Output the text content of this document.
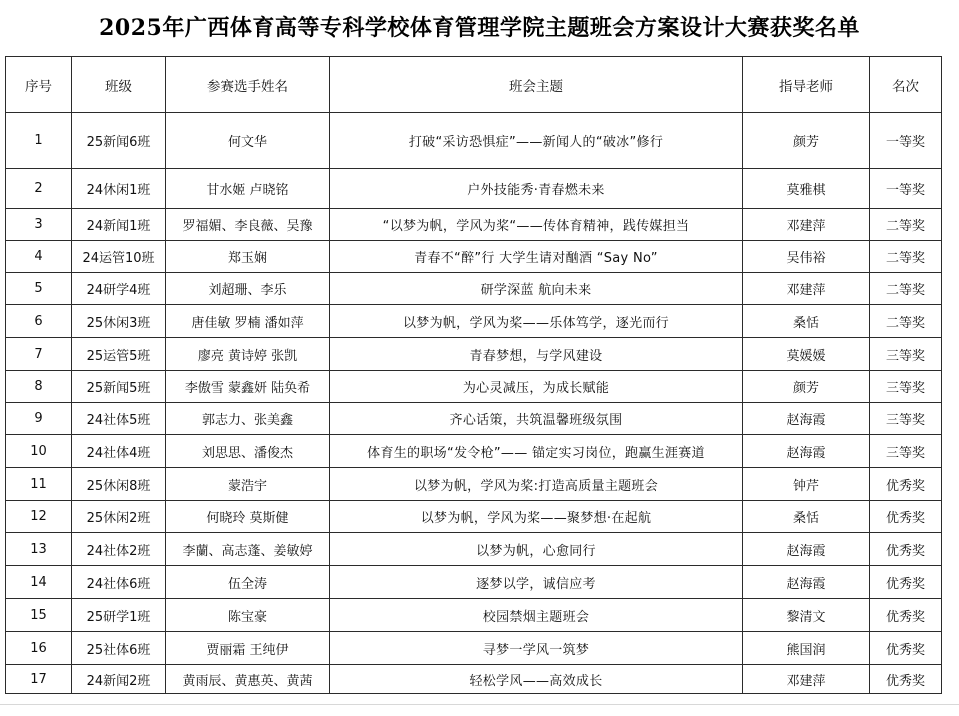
2025年广西体育高等专科学校体育管理学院主题班会方案设计大赛获奖名单
序号	班级	参赛选手姓名	班会主题	指导老师	名次
1	25新闻6班	何文华	打破“采访恐惧症”——新闻人的“破冰”修行	颜芳	一等奖
2	24休闲1班	甘水姬 卢晓铭	户外技能秀·青春燃未来	莫雅棋	一等奖
3	24新闻1班	罗福媚、李良薇、吴豫	“以梦为帆，学风为桨“——传体育精神，践传媒担当	邓建萍	二等奖
4	24运管10班	郑玉娴	青春不“醉”行 大学生请对酗酒 “Say No”	吴伟裕	二等奖
5	24研学4班	刘超珊、李乐	研学深蓝 航向未来	邓建萍	二等奖
6	25休闲3班	唐佳敏 罗楠 潘如萍	以梦为帆，学风为桨——乐体笃学，逐光而行	桑恬	二等奖
7	25运管5班	廖亮 黄诗婷 张凯	青春梦想，与学风建设	莫媛媛	三等奖
8	25新闻5班	李傲雪 蒙鑫妍 陆奂希	为心灵减压，为成长赋能	颜芳	三等奖
9	24社体5班	郭志力、张美鑫	齐心话策，共筑温馨班级氛围	赵海霞	三等奖
10	24社体4班	刘思思、潘俊杰	体育生的职场“发令枪”—— 锚定实习岗位，跑赢生涯赛道	赵海霞	三等奖
11	25休闲8班	蒙浩宇	以梦为帆，学风为桨:打造高质量主题班会	钟芹	优秀奖
12	25休闲2班	何晓玲 莫斯健	以梦为帆，学风为桨——聚梦想·在起航	桑恬	优秀奖
13	24社体2班	李蘭、高志蓬、姜敏婷	以梦为帆，心愈同行	赵海霞	优秀奖
14	24社体6班	伍全涛	逐梦以学，诚信应考	赵海霞	优秀奖
15	25研学1班	陈宝豪	校园禁烟主题班会	黎清文	优秀奖
16	25社体6班	贾丽霜 王纯伊	寻梦一学风一筑梦	熊国润	优秀奖
17	24新闻2班	黄雨辰、黄惠英、黄茜	轻松学风——高效成长	邓建萍	优秀奖
